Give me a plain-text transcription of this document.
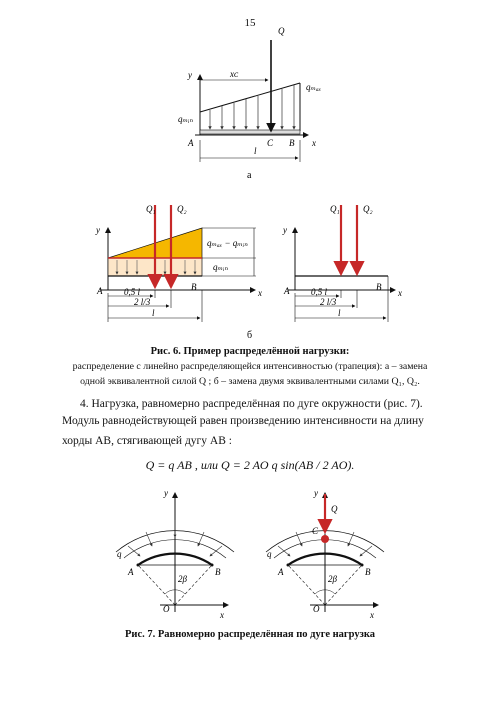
15
y
x
xᴄ
Q
qₘₐₓ
qₘᵢₙ
A	C B
l
а
y
x
Q₁ Q₂
qₘₐₓ − qₘᵢₙ
qₘᵢₙ
A	B
0,5 l
2 l/3
l
y
x
Q₁	Q₂
A	B
0,5 l
2 l/3
l
б
y
x
q
A	B
O
2β
y
x
q
A	B
O
C
Q
2β
Рис. 6. Пример распределённой нагрузки:
распределение с линейно распределяющейся интенсивностью (трапеция): а – замена
одной эквивалентной силой Q ; б – замена двумя эквивалентными силами Q₁, Q₂.
4. Нагрузка, равномерно распределённая по дуге окружности (рис. 7).
Модуль равнодействующей равен произведению интенсивности на длину
хорды AB, стягивающей дугу AB :
Q = q AB , или Q = 2 AO q sin(AB / 2 AO).
Рис. 7. Равномерно распределённая по дуге нагрузка
